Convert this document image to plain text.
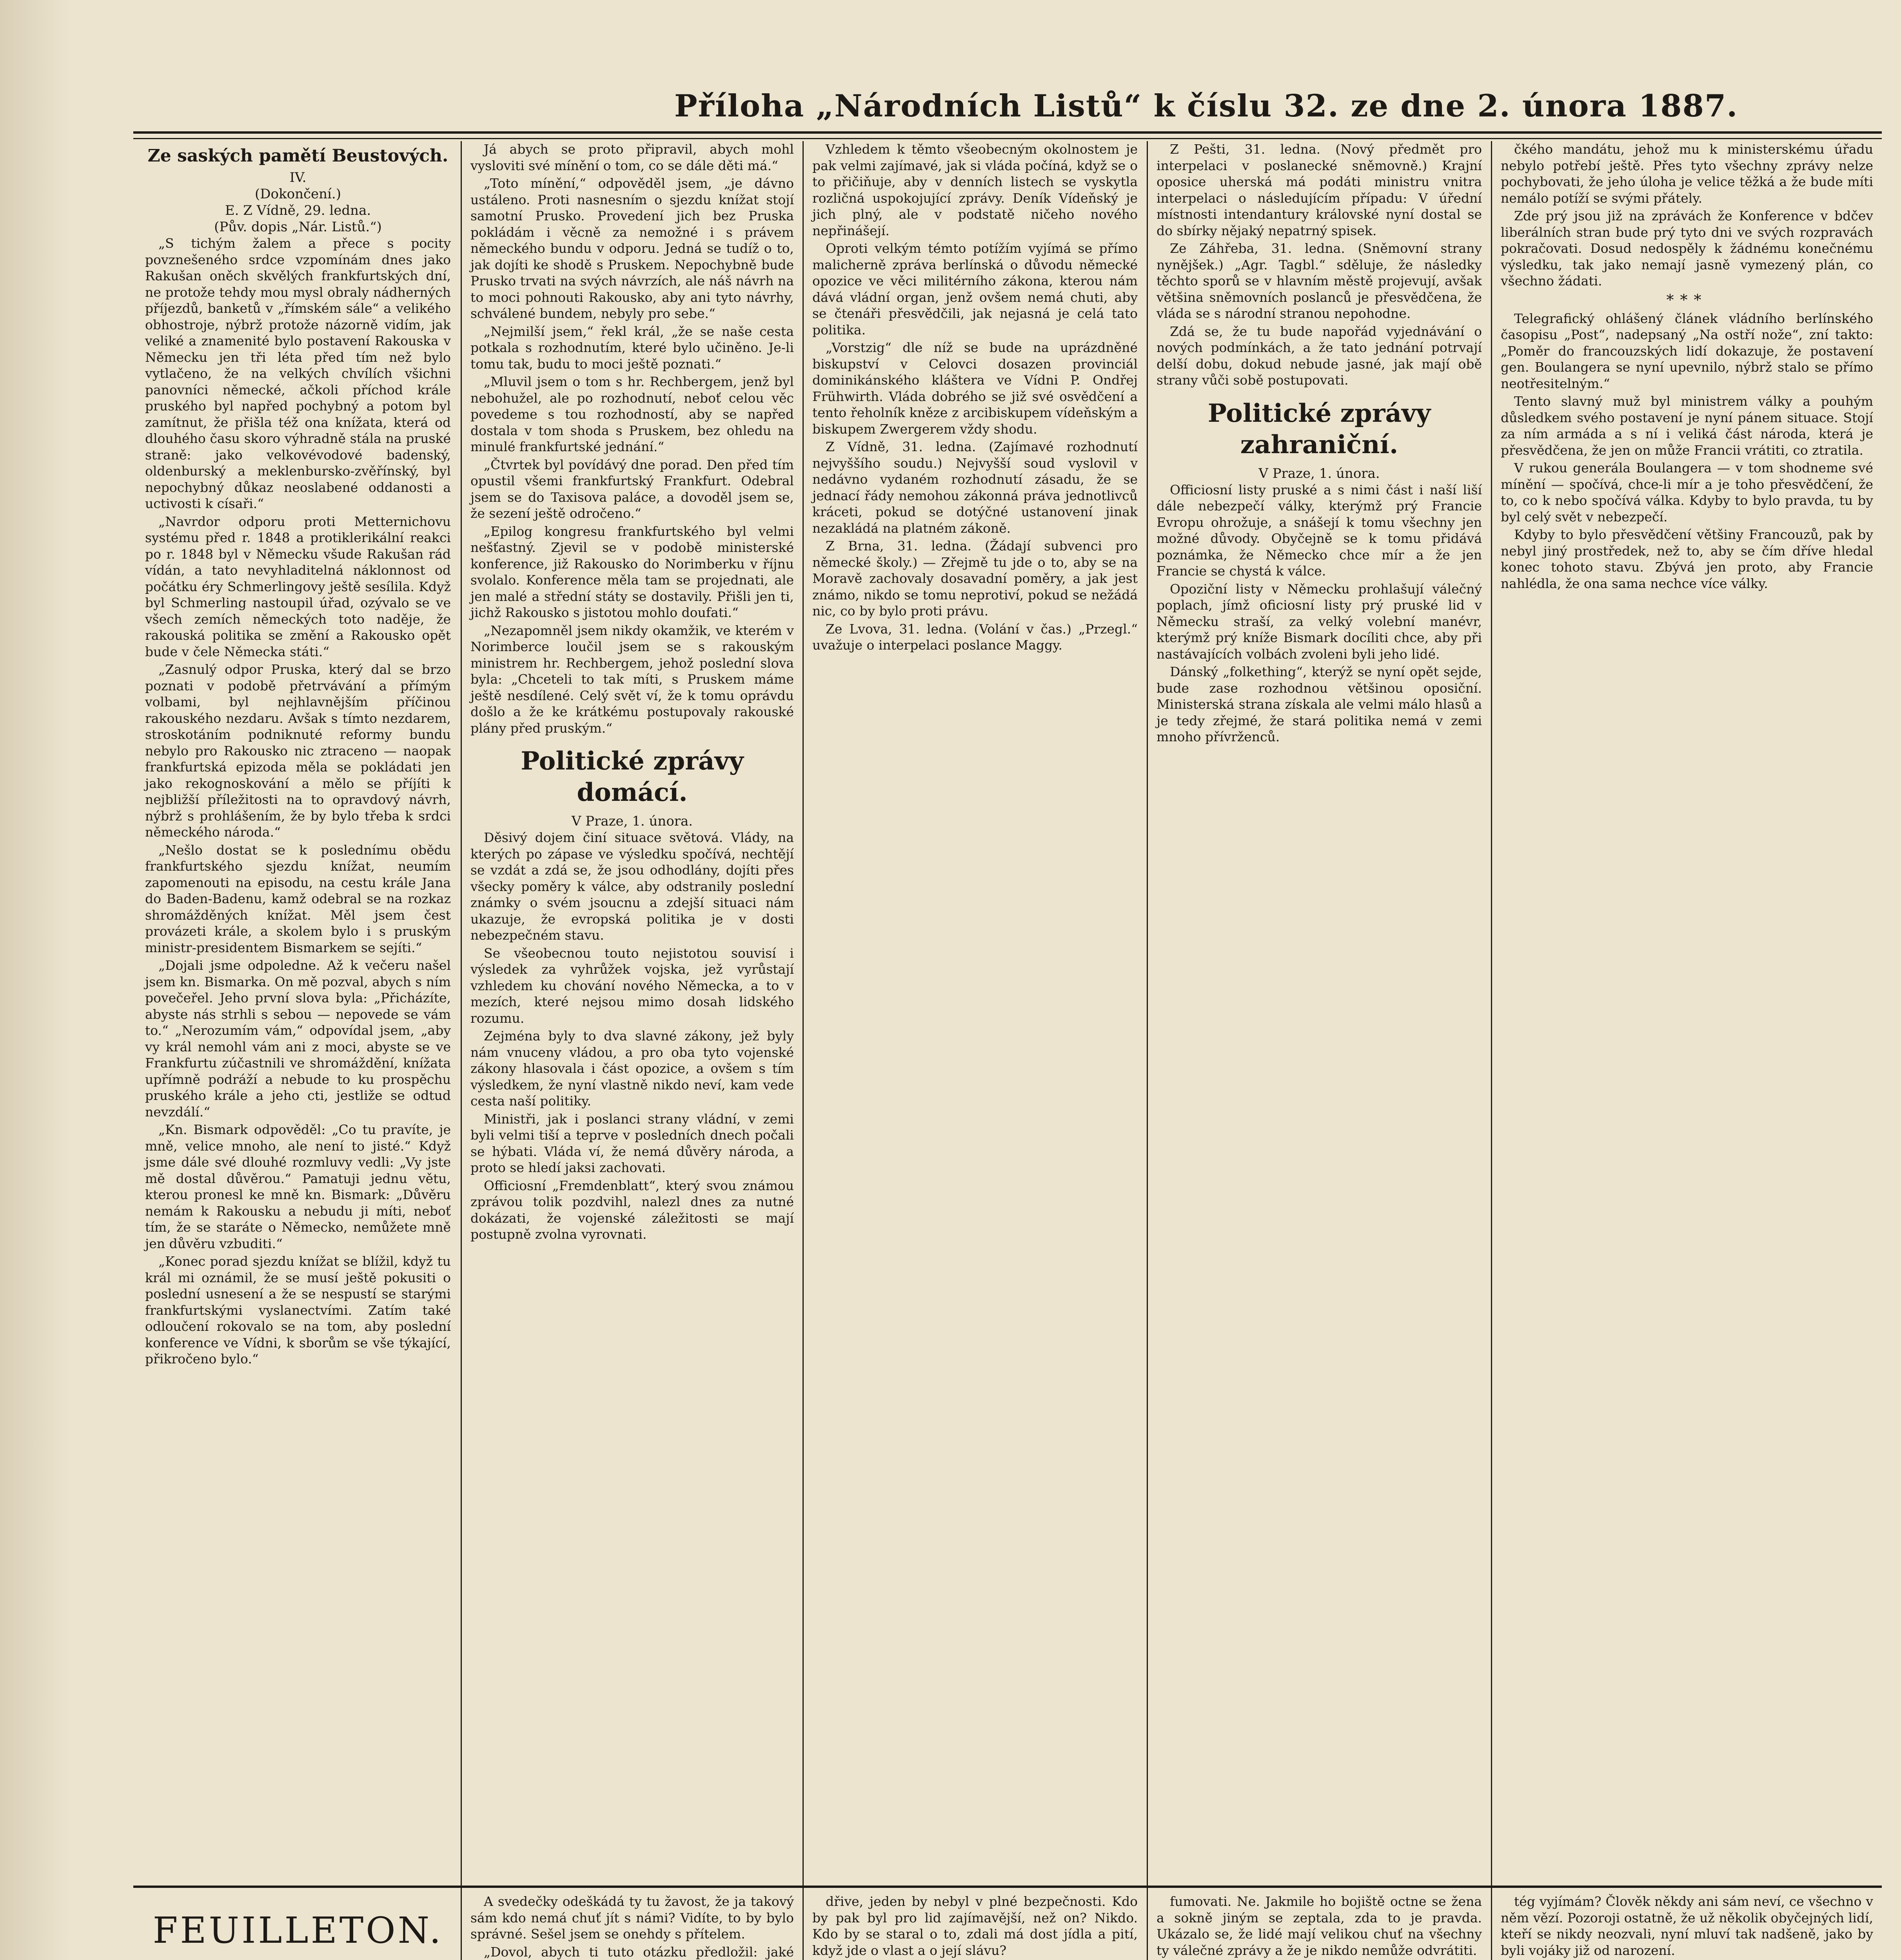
Příloha „Národních Listů“ k číslu 32. ze dne 2. února 1887.
Ze saských pamětí Beustových.
IV.
(Dokončení.)
E. Z Vídně, 29. ledna.
(Pův. dopis „Nár. Listů.“)

„S tichým žalem a přece s pocity povznešeného srdce vzpomínám dnes jako Rakušan oněch skvělých frankfurtských dní, ne protože tehdy mou mysl obraly nádherných příjezdů, banketů v „římském sále“ a velikého obhostroje, nýbrž protože názorně vidím, jak veliké a znamenité bylo postavení Rakouska v Německu jen tři léta před tím než bylo vytlačeno, že na velkých chvílích všichni panovníci německé, ačkoli příchod krále pruského byl napřed pochybný a potom byl zamítnut, že přišla též ona knížata, která od dlouhého času skoro výhradně stála na pruské straně: jako velkovévodové badenský, oldenburský a meklenbursko-zvěřínský, byl nepochybný důkaz neoslabené oddanosti a uctivosti k císaři.“

„Navrdor odporu proti Metternichovu systému před r. 1848 a protiklerikální reakci po r. 1848 byl v Německu všude Rakušan rád vídán, a tato nevyhladitelná náklonnost od počátku éry Schmerlingovy ještě sesílila. Když byl Schmerling nastoupil úřad, ozývalo se ve všech zemích německých toto naděje, že rakouská politika se změní a Rakousko opět bude v čele Německa státi.“

„Zasnulý odpor Pruska, který dal se brzo poznati v podobě přetrvávání a přímým volbami, byl nejhlavnějším příčinou rakouského nezdaru. Avšak s tímto nezdarem, stroskotáním podniknuté reformy bundu nebylo pro Rakousko nic ztraceno — naopak frankfurtská epizoda měla se pokládati jen jako rekognoskování a mělo se příjíti k nejbližší příležitosti na to opravdový návrh, nýbrž s prohlášením, že by bylo třeba k srdci německého národa.“

„Nešlo dostat se k poslednímu obědu frankfurtského sjezdu knížat, neumím zapomenouti na episodu, na cestu krále Jana do Baden-Badenu, kamž odebral se na rozkaz shromážděných knížat. Měl jsem čest provázeti krále, a skolem bylo i s pruským ministr-presidentem Bismarkem se sejíti.“

„Dojali jsme odpoledne. Až k večeru našel jsem kn. Bismarka. On mě pozval, abych s ním povečeřel. Jeho první slova byla: „Přicházíte, abyste nás strhli s sebou — nepovede se vám to.“ „Nerozumím vám,“ odpovídal jsem, „aby vy král nemohl vám ani z moci, abyste se ve Frankfurtu zúčastnili ve shromáždění, knížata upřímně podráží a nebude to ku prospěchu pruského krále a jeho cti, jestliže se odtud nevzdálí.“

„Kn. Bismark odpověděl: „Co tu pravíte, je mně, velice mnoho, ale není to jisté.“ Když jsme dále své dlouhé rozmluvy vedli: „Vy jste mě dostal důvěrou.“ Pamatuji jednu větu, kterou pronesl ke mně kn. Bismark: „Důvěru nemám k Rakousku a nebudu ji míti, neboť tím, že se staráte o Německo, nemůžete mně jen důvěru vzbuditi.“

„Konec porad sjezdu knížat se blížil, když tu král mi oznámil, že se musí ještě pokusiti o poslední usnesení a že se nespustí se starými frankfurtskými vyslanectvími. Zatím také odloučení rokovalo se na tom, aby poslední konference ve Vídni, k sborům se vše týkající, přikročeno bylo.“

Já abych se proto připravil, abych mohl vysloviti své mínění o tom, co se dále děti má.“

„Toto mínění,“ odpověděl jsem, „je dávno ustáleno. Proti nasnesním o sjezdu knížat stojí samotní Prusko. Provedení jich bez Pruska pokládám i věcně za nemožné i s právem německého bundu v odporu. Jedná se tudíž o to, jak dojíti ke shodě s Pruskem. Nepochybně bude Prusko trvati na svých návrzích, ale náš návrh na to moci pohnouti Rakousko, aby ani tyto návrhy, schválené bundem, nebyly pro sebe.“

„Nejmilší jsem,“ řekl král, „že se naše cesta potkala s rozhodnutím, které bylo učiněno. Je-li tomu tak, budu to moci ještě poznati.“

„Mluvil jsem o tom s hr. Rechbergem, jenž byl nebohužel, ale po rozhodnutí, neboť celou věc povedeme s tou rozhodností, aby se napřed dostala v tom shoda s Pruskem, bez ohledu na minulé frankfurtské jednání.“

„Čtvrtek byl povídávý dne porad. Den před tím opustil všemi frankfurtský Frankfurt. Odebral jsem se do Taxisova paláce, a dovoděl jsem se, že sezení ještě odročeno.“

„Epilog kongresu frankfurtského byl velmi nešťastný. Zjevil se v podobě ministerské konference, již Rakousko do Norimberku v říjnu svolalo. Konference měla tam se projednati, ale jen malé a střední státy se dostavily. Přišli jen ti, jichž Rakousko s jistotou mohlo doufati.“

„Nezapomněl jsem nikdy okamžik, ve kterém v Norimberce loučil jsem se s rakouským ministrem hr. Rechbergem, jehož poslední slova byla: „Chceteli to tak míti, s Pruskem máme ještě nesdílené. Celý svět ví, že k tomu oprávdu došlo a že ke krátkému postupovaly rakouské plány před pruským.“

Politické zprávy domácí.
V Praze, 1. února.

Děsivý dojem činí situace světová. Vlády, na kterých po zápase ve výsledku spočívá, nechtějí se vzdát a zdá se, že jsou odhodlány, dojíti přes všecky poměry k válce, aby odstranily poslední známky o svém jsoucnu a zdejší situaci nám ukazuje, že evropská politika je v dosti nebezpečném stavu.

Se všeobecnou touto nejistotou souvisí i výsledek za vyhrůžek vojska, jež vyrůstají vzhledem ku chování nového Německa, a to v mezích, které nejsou mimo dosah lidského rozumu.

Zejména byly to dva slavné zákony, jež byly nám vnuceny vládou, a pro oba tyto vojenské zákony hlasovala i část opozice, a ovšem s tím výsledkem, že nyní vlastně nikdo neví, kam vede cesta naší politiky.

Ministři, jak i poslanci strany vládní, v zemi byli velmi tiší a teprve v posledních dnech počali se hýbati. Vláda ví, že nemá důvěry národa, a proto se hledí jaksi zachovati.

Officiosní „Fremdenblatt“, který svou známou zprávou tolik pozdvihl, nalezl dnes za nutné dokázati, že vojenské záležitosti se mají postupně zvolna vyrovnati.

Vzhledem k těmto všeobecným okolnostem je pak velmi zajímavé, jak si vláda počíná, když se o to přičiňuje, aby v denních listech se vyskytla rozličná uspokojující zprávy. Deník Vídeňský je jich plný, ale v podstatě ničeho nového nepřinášejí.

Oproti velkým témto potížím vyjímá se přímo malicherně zpráva berlínská o důvodu německé opozice ve věci militérního zákona, kterou nám dává vládní organ, jenž ovšem nemá chuti, aby se čtenáři přesvědčili, jak nejasná je celá tato politika.

„Vorstzig“ dle níž se bude na uprázdněné biskupství v Celovci dosazen provinciál dominikánského kláštera ve Vídni P. Ondřej Frühwirth. Vláda dobrého se již své osvědčení a tento řeholník kněze z arcibiskupem vídeňským a biskupem Zwergerem vždy shodu.

Z Vídně, 31. ledna. (Zajímavé rozhodnutí nejvyššího soudu.) Nejvyšší soud vyslovil v nedávno vydaném rozhodnutí zásadu, že se jednací řády nemohou zákonná práva jednotlivců kráceti, pokud se dotýčné ustanovení jinak nezakládá na platném zákoně.

Z Brna, 31. ledna. (Žádají subvenci pro německé školy.) — Zřejmě tu jde o to, aby se na Moravě zachovaly dosavadní poměry, a jak jest známo, nikdo se tomu neprotiví, pokud se nežádá nic, co by bylo proti právu.

Ze Lvova, 31. ledna. (Volání v čas.) „Przegl.“ uvažuje o interpelaci poslance Maggy.

Z Pešti, 31. ledna. (Nový předmět pro interpelaci v poslanecké sněmovně.) Krajní oposice uherská má podáti ministru vnitra interpelaci o následujícím případu: V úřední místnosti intendantury královské nyní dostal se do sbírky nějaký nepatrný spisek.

Ze Záhřeba, 31. ledna. (Sněmovní strany nynějšek.) „Agr. Tagbl.“ sděluje, že následky těchto sporů se v hlavním městě projevují, avšak většina sněmovních poslanců je přesvědčena, že vláda se s národní stranou nepohodne.

Zdá se, že tu bude napořád vyjednávání o nových podmínkách, a že tato jednání potrvají delší dobu, dokud nebude jasné, jak mají obě strany vůči sobě postupovati.

Politické zprávy zahraniční.
V Praze, 1. února.

Officiosní listy pruské a s nimi část i naší liší dále nebezpečí války, kterýmž prý Francie Evropu ohrožuje, a snášejí k tomu všechny jen možné důvody. Obyčejně se k tomu přidává poznámka, že Německo chce mír a že jen Francie se chystá k válce.

Opoziční listy v Německu prohlašují válečný poplach, jímž oficiosní listy prý pruské lid v Německu straší, za velký volební manévr, kterýmž prý kníže Bismark docíliti chce, aby při nastávajících volbách zvoleni byli jeho lidé.

Dánský „folkething“, kterýž se nyní opět sejde, bude zase rozhodnou většinou oposiční. Ministerská strana získala ale velmi málo hlasů a je tedy zřejmé, že stará politika nemá v zemi mnoho přívrženců.

čkého mandátu, jehož mu k ministerskému úřadu nebylo potřebí ještě. Přes tyto všechny zprávy nelze pochybovati, že jeho úloha je velice těžká a že bude míti nemálo potíží se svými přátely.

Zde prý jsou již na zprávách že Konference v bdčev liberálních stran bude prý tyto dni ve svých rozpravách pokračovati. Dosud nedospěly k žádnému konečnému výsledku, tak jako nemají jasně vymezený plán, co všechno žádati.

***

Telegrafický ohlášený článek vládního berlínského časopisu „Post“, nadepsaný „Na ostří nože“, zní takto: „Poměr do francouzských lidí dokazuje, že postavení gen. Boulangera se nyní upevnilo, nýbrž stalo se přímo neotřesitelným.“

Tento slavný muž byl ministrem války a pouhým důsledkem svého postavení je nyní pánem situace. Stojí za ním armáda a s ní i veliká část národa, která je přesvědčena, že jen on může Francii vrátiti, co ztratila.

V rukou generála Boulangera — v tom shodneme své mínění — spočívá, chce-li mír a je toho přesvědčení, že to, co k nebo spočívá válka. Kdyby to bylo pravda, tu by byl celý svět v nebezpečí.

Kdyby to bylo přesvědčení většiny Francouzů, pak by nebyl jiný prostředek, než to, aby se čím dříve hledal konec tohoto stavu. Zbývá jen proto, aby Francie nahlédla, že ona sama nechce více války.

FEUILLETON.

A svedečky odeškádá ty tu žavost, že ja takový sám kdo nemá chuť jít s námi? Vidíte, to by bylo správné. Sešel jsem se onehdy s přítelem.

„Dovol, abych ti tuto otázku předložil: jaké

dřive, jeden by nebyl v plné bezpečnosti. Kdo by pak byl pro lid zajímavější, než on? Nikdo. Kdo by se staral o to, zdali má dost jídla a pití, když jde o vlast a o její slávu?

fumovati. Ne. Jakmile ho bojiště octne se žena a sokně jiným se zeptala, zda to je pravda. Ukázalo se, že lidé mají velikou chuť na všechny ty válečné zprávy a že je nikdo nemůže odvrátiti.

tég vyjímám? Člověk někdy ani sám neví, ce všechno v něm vězí. Pozoroji ostatně, že už několik obyčejných lidí, kteří se nikdy neozvali, nyní mluví tak nadšeně, jako by byli vojáky již od narození.
